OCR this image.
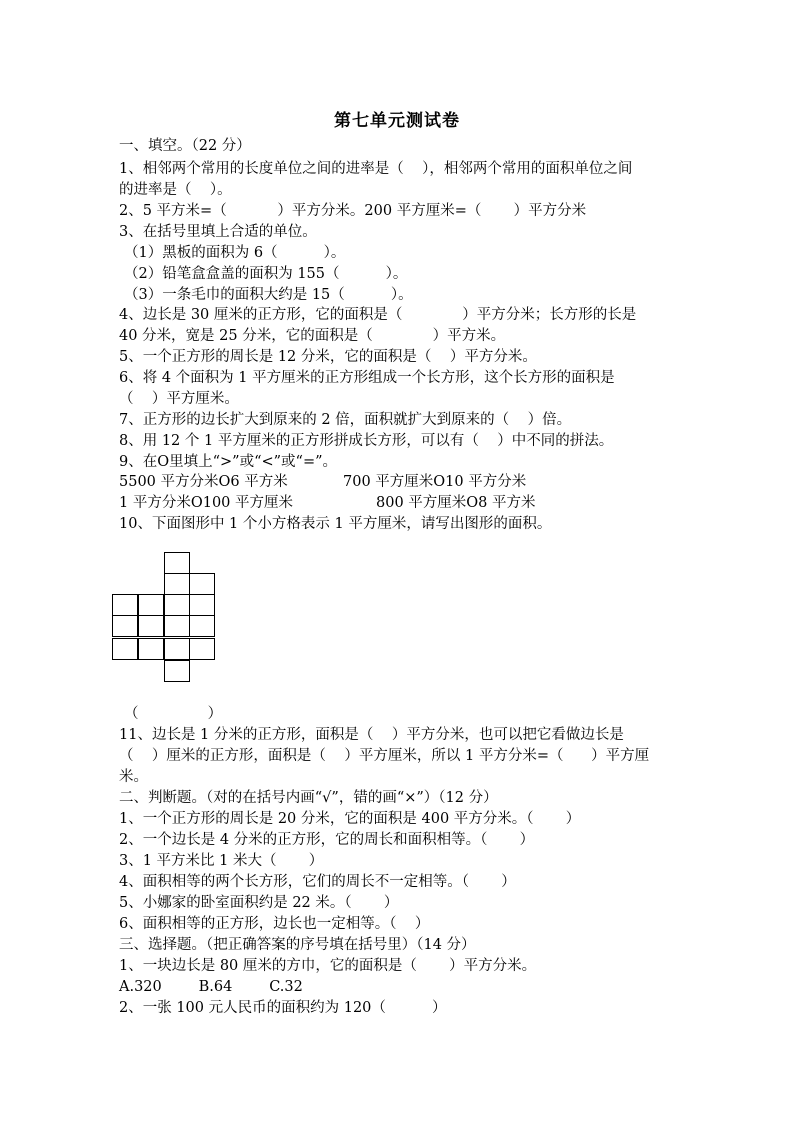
第七单元测试卷
一、填空。（22 分）
1、相邻两个常用的长度单位之间的进率是（    ），相邻两个常用的面积单位之间
的进率是（    ）。
2、5 平方米=（           ）平方分米。200 平方厘米=（       ）平方分米
3、在括号里填上合适的单位。
（1）黑板的面积为 6（          ）。
（2）铅笔盒盒盖的面积为 155（          ）。
（3）一条毛巾的面积大约是 15（          ）。
4、边长是 30 厘米的正方形，它的面积是（             ）平方分米；长方形的长是
40 分米，宽是 25 分米，它的面积是（             ）平方米。
5、一个正方形的周长是 12 分米，它的面积是（    ）平方分米。
6、将 4 个面积为 1 平方厘米的正方形组成一个长方形，这个长方形的面积是
（    ）平方厘米。
7、正方形的边长扩大到原来的 2 倍，面积就扩大到原来的（    ）倍。
8、用 12 个 1 平方厘米的正方形拼成长方形，可以有（    ）中不同的拼法。
9、在O里填上“>”或“<”或“=”。
5500 平方分米O6 平方米	700 平方厘米O10 平方分米
1 平方分米O100 平方厘米	800 平方厘米O8 平方米
10、下面图形中 1 个小方格表示 1 平方厘米，请写出图形的面积。
（               ）
11、边长是 1 分米的正方形，面积是（    ）平方分米，也可以把它看做边长是
（    ）厘米的正方形，面积是（    ）平方厘米，所以 1 平方分米=（      ）平方厘
米。
二、判断题。（对的在括号内画“√”，错的画“×”）（12 分）
1、一个正方形的周长是 20 分米，它的面积是 400 平方分米。（       ）
2、一个边长是 4 分米的正方形，它的周长和面积相等。（       ）
3、1 平方米比 1 米大（       ）
4、面积相等的两个长方形，它们的周长不一定相等。（       ）
5、小娜家的卧室面积约是 22 米。（       ）
6、面积相等的正方形，边长也一定相等。（    ）
三、选择题。（把正确答案的序号填在括号里）（14 分）
1、一块边长是 80 厘米的方巾，它的面积是（       ）平方分米。
A.320        B.64        C.32
2、一张 100 元人民币的面积约为 120（          ）
